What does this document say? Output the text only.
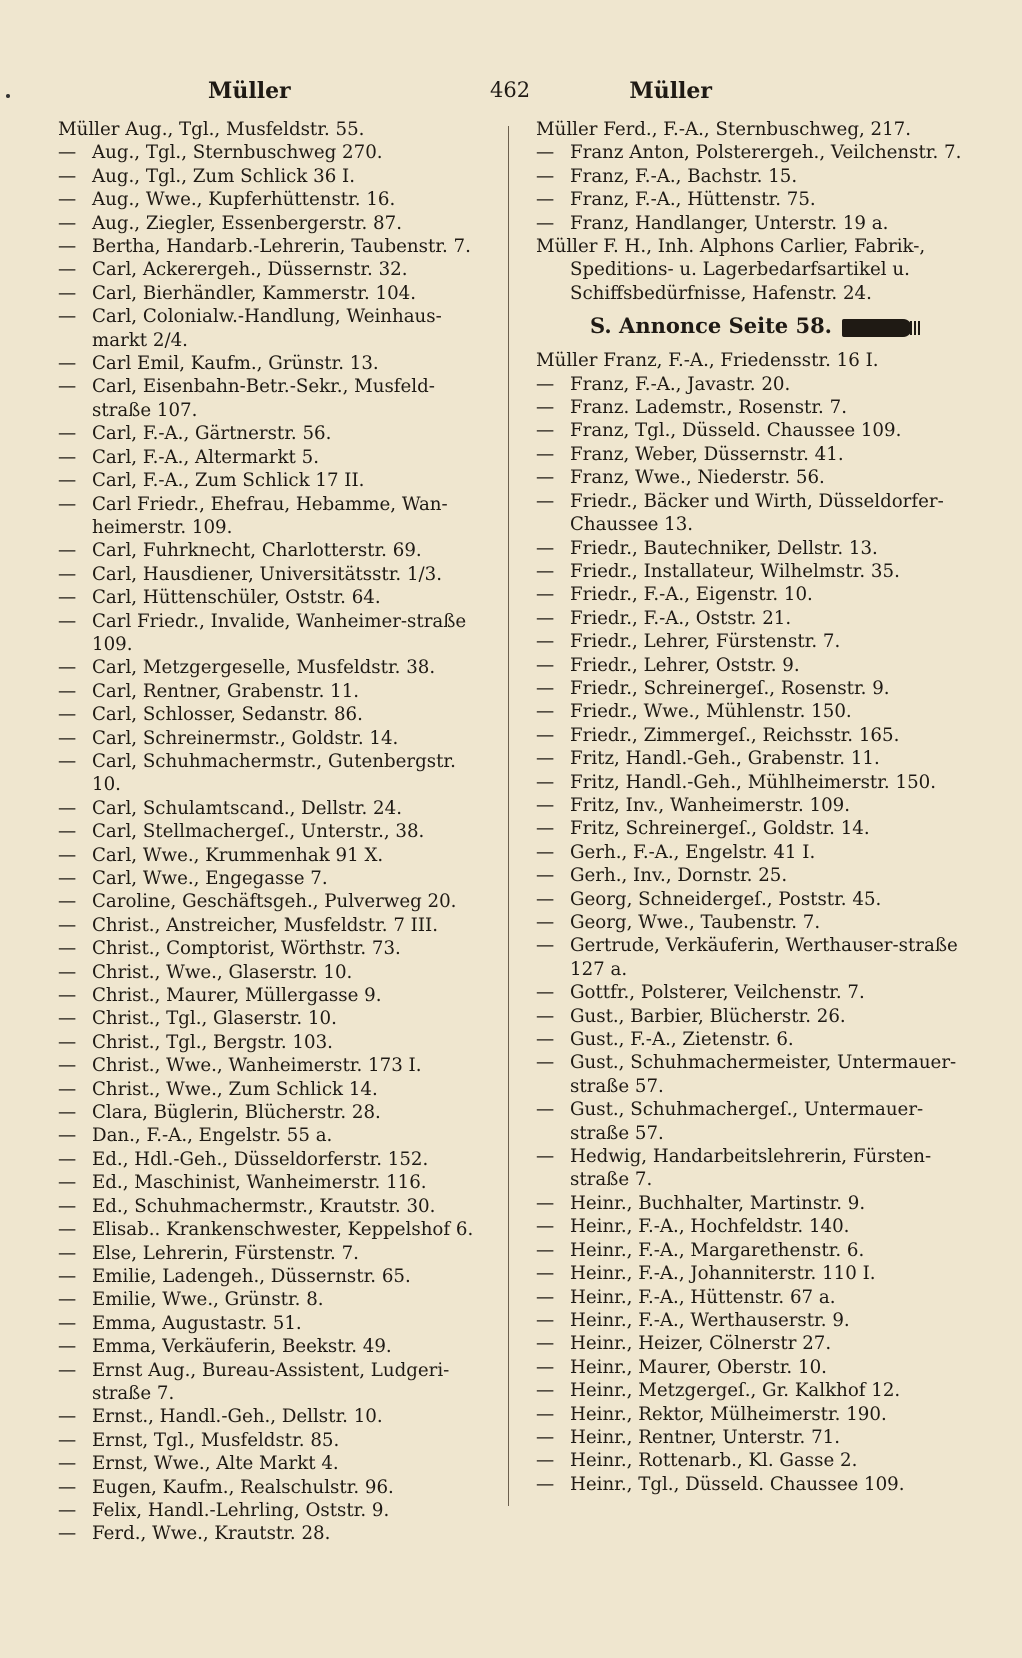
Müller	462	Müller
Müller Aug., Tgl., Musfeldstr. 55.
— Aug., Tgl., Sternbuschweg 270.
— Aug., Tgl., Zum Schlick 36 I.
— Aug., Wwe., Kupferhüttenstr. 16.
— Aug., Ziegler, Essenbergerstr. 87.
— Bertha, Handarb.-Lehrerin, Taubenstr. 7.
— Carl, Ackerergeh., Düssernstr. 32.
— Carl, Bierhändler, Kammerstr. 104.
— Carl, Colonialw.-Handlung, Weinhaus-markt 2/4.
— Carl Emil, Kaufm., Grünstr. 13.
— Carl, Eisenbahn-Betr.-Sekr., Musfeld-straße 107.
— Carl, F.-A., Gärtnerstr. 56.
— Carl, F.-A., Altermarkt 5.
— Carl, F.-A., Zum Schlick 17 II.
— Carl Friedr., Ehefrau, Hebamme, Wan-heimerstr. 109.
— Carl, Fuhrknecht, Charlotterstr. 69.
— Carl, Hausdiener, Universitätsstr. 1/3.
— Carl, Hüttenschüler, Oststr. 64.
— Carl Friedr., Invalide, Wanheimer-straße 109.
— Carl, Metzgergeselle, Musfeldstr. 38.
— Carl, Rentner, Grabenstr. 11.
— Carl, Schlosser, Sedanstr. 86.
— Carl, Schreinermstr., Goldstr. 14.
— Carl, Schuhmachermstr., Gutenbergstr. 10.
— Carl, Schulamtscand., Dellstr. 24.
— Carl, Stellmachergeſ., Unterstr., 38.
— Carl, Wwe., Krummenhak 91 X.
— Carl, Wwe., Engegasse 7.
— Caroline, Geschäftsgeh., Pulverweg 20.
— Christ., Anstreicher, Musfeldstr. 7 III.
— Christ., Comptorist, Wörthstr. 73.
— Christ., Wwe., Glaserstr. 10.
— Christ., Maurer, Müllergasse 9.
— Christ., Tgl., Glaserstr. 10.
— Christ., Tgl., Bergstr. 103.
— Christ., Wwe., Wanheimerstr. 173 I.
— Christ., Wwe., Zum Schlick 14.
— Clara, Büglerin, Blücherstr. 28.
— Dan., F.-A., Engelstr. 55 a.
— Ed., Hdl.-Geh., Düsseldorferstr. 152.
— Ed., Maschinist, Wanheimerstr. 116.
— Ed., Schuhmachermstr., Krautstr. 30.
— Elisab.. Krankenschwester, Keppelshof 6.
— Else, Lehrerin, Fürstenstr. 7.
— Emilie, Ladengeh., Düssernstr. 65.
— Emilie, Wwe., Grünstr. 8.
— Emma, Augustastr. 51.
— Emma, Verkäuferin, Beekstr. 49.
— Ernst Aug., Bureau-Assistent, Ludgeri-straße 7.
— Ernst., Handl.-Geh., Dellstr. 10.
— Ernst, Tgl., Musfeldstr. 85.
— Ernst, Wwe., Alte Markt 4.
— Eugen, Kaufm., Realschulstr. 96.
— Felix, Handl.-Lehrling, Oststr. 9.
— Ferd., Wwe., Krautstr. 28.
Müller Ferd., F.-A., Sternbuschweg, 217.
— Franz Anton, Polsterergeh., Veilchenstr. 7.
— Franz, F.-A., Bachstr. 15.
— Franz, F.-A., Hüttenstr. 75.
— Franz, Handlanger, Unterstr. 19 a.
Müller F. H., Inh. Alphons Carlier, Fabrik-, Speditions- u. Lagerbedarfsartikel u. Schiffsbedürfnisse, Hafenstr. 24.
S. Annonce Seite 58.
Müller Franz, F.-A., Friedensstr. 16 I.
— Franz, F.-A., Javastr. 20.
— Franz. Lademstr., Rosenstr. 7.
— Franz, Tgl., Düsseld. Chaussee 109.
— Franz, Weber, Düssernstr. 41.
— Franz, Wwe., Niederstr. 56.
— Friedr., Bäcker und Wirth, Düsseldorfer-Chaussee 13.
— Friedr., Bautechniker, Dellstr. 13.
— Friedr., Installateur, Wilhelmstr. 35.
— Friedr., F.-A., Eigenstr. 10.
— Friedr., F.-A., Oststr. 21.
— Friedr., Lehrer, Fürstenstr. 7.
— Friedr., Lehrer, Oststr. 9.
— Friedr., Schreinergeſ., Rosenstr. 9.
— Friedr., Wwe., Mühlenstr. 150.
— Friedr., Zimmergeſ., Reichsstr. 165.
— Fritz, Handl.-Geh., Grabenstr. 11.
— Fritz, Handl.-Geh., Mühlheimerstr. 150.
— Fritz, Inv., Wanheimerstr. 109.
— Fritz, Schreinergeſ., Goldstr. 14.
— Gerh., F.-A., Engelstr. 41 I.
— Gerh., Inv., Dornstr. 25.
— Georg, Schneidergeſ., Poststr. 45.
— Georg, Wwe., Taubenstr. 7.
— Gertrude, Verkäuferin, Werthauser-straße 127 a.
— Gottfr., Polsterer, Veilchenstr. 7.
— Gust., Barbier, Blücherstr. 26.
— Gust., F.-A., Zietenstr. 6.
— Gust., Schuhmachermeister, Untermauer-straße 57.
— Gust., Schuhmachergeſ., Untermauer-straße 57.
— Hedwig, Handarbeitslehrerin, Fürsten-straße 7.
— Heinr., Buchhalter, Martinstr. 9.
— Heinr., F.-A., Hochfeldstr. 140.
— Heinr., F.-A., Margarethenstr. 6.
— Heinr., F.-A., Johanniterstr. 110 I.
— Heinr., F.-A., Hüttenstr. 67 a.
— Heinr., F.-A., Werthauserstr. 9.
— Heinr., Heizer, Cölnerstr 27.
— Heinr., Maurer, Oberstr. 10.
— Heinr., Metzgergeſ., Gr. Kalkhof 12.
— Heinr., Rektor, Mülheimerstr. 190.
— Heinr., Rentner, Unterstr. 71.
— Heinr., Rottenarb., Kl. Gasse 2.
— Heinr., Tgl., Düsseld. Chaussee 109.
